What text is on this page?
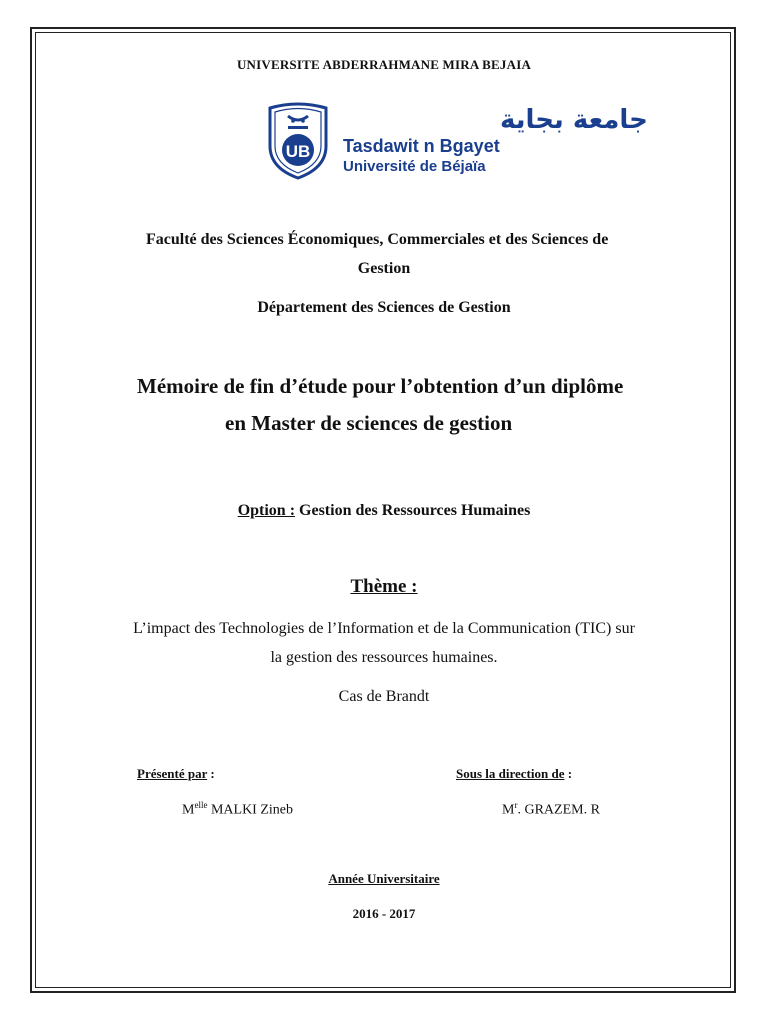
UNIVERSITE ABDERRAHMANE MIRA BEJAIA
UB
جامعة بجاية
Tasdawit n Bgayet
Université de Béjaïa
Faculté des Sciences Économiques, Commerciales et des Sciences de
Gestion
Département des Sciences de Gestion
Mémoire de fin d’étude pour l’obtention d’un diplôme
en Master de sciences de gestion
Option : Gestion des Ressources Humaines
Thème :
L’impact des Technologies de l’Information et de la Communication (TIC) sur
la gestion des ressources humaines.
Cas de Brandt
Présenté par :	Sous la direction de :
$M^{elle}$ MALKI Zineb	$M^r$. GRAZEM. R
Année Universitaire
2016 - 2017
